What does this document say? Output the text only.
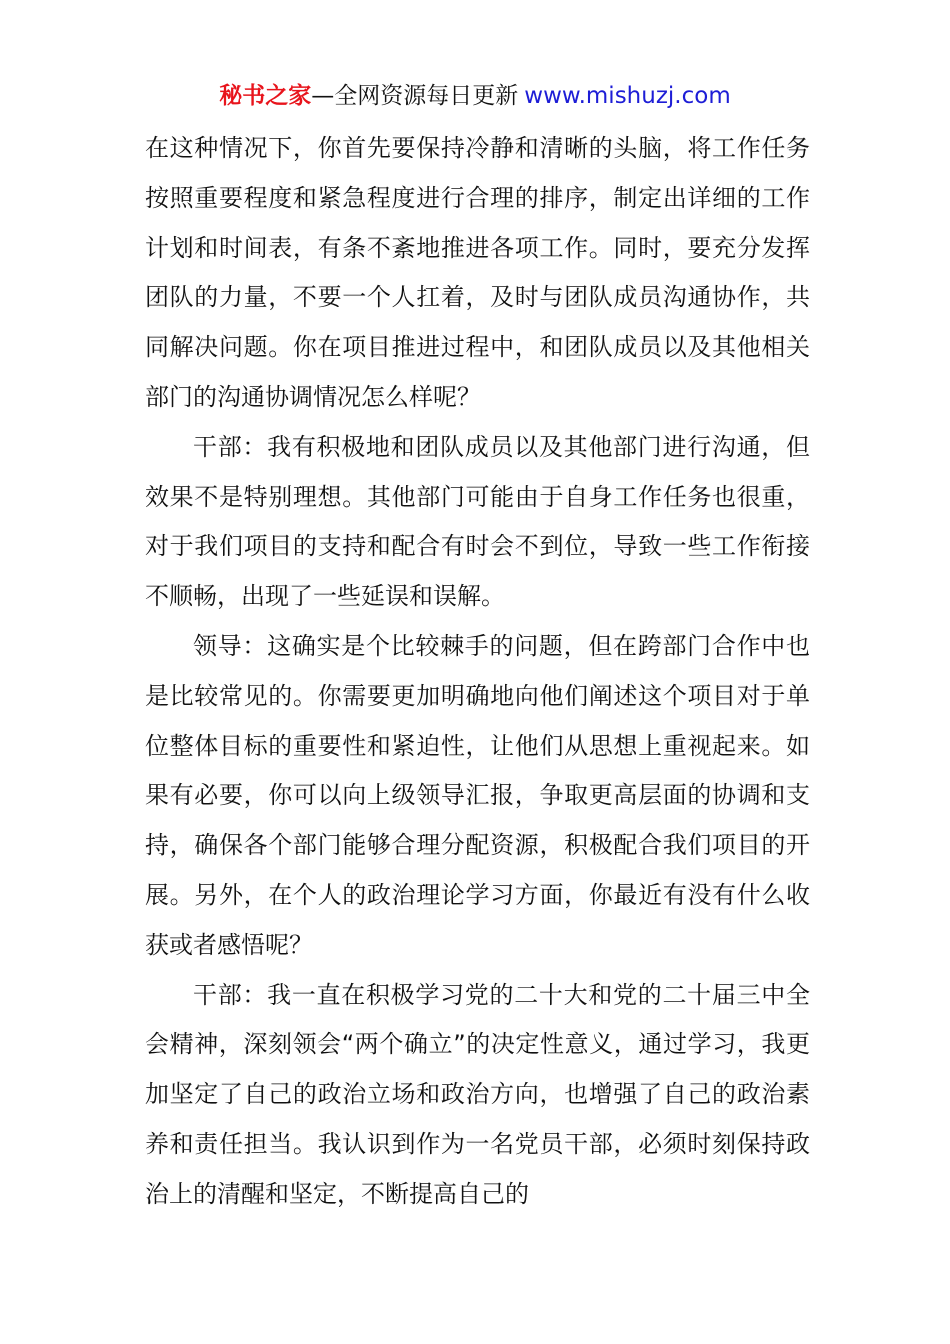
秘书之家—全网资源每日更新 www.mishuzj.com

在这种情况下，你首先要保持冷静和清晰的头脑，将工作任务按照重要程度和紧急程度进行合理的排序，制定出详细的工作计划和时间表，有条不紊地推进各项工作。同时，要充分发挥团队的力量，不要一个人扛着，及时与团队成员沟通协作，共同解决问题。你在项目推进过程中，和团队成员以及其他相关部门的沟通协调情况怎么样呢？

干部：我有积极地和团队成员以及其他部门进行沟通，但效果不是特别理想。其他部门可能由于自身工作任务也很重，对于我们项目的支持和配合有时会不到位，导致一些工作衔接不顺畅，出现了一些延误和误解。

领导：这确实是个比较棘手的问题，但在跨部门合作中也是比较常见的。你需要更加明确地向他们阐述这个项目对于单位整体目标的重要性和紧迫性，让他们从思想上重视起来。如果有必要，你可以向上级领导汇报，争取更高层面的协调和支持，确保各个部门能够合理分配资源，积极配合我们项目的开展。另外，在个人的政治理论学习方面，你最近有没有什么收获或者感悟呢？

干部：我一直在积极学习党的二十大和党的二十届三中全会精神，深刻领会“两个确立”的决定性意义，通过学习，我更加坚定了自己的政治立场和政治方向，也增强了自己的政治素养和责任担当。我认识到作为一名党员干部，必须时刻保持政治上的清醒和坚定，不断提高自己的
